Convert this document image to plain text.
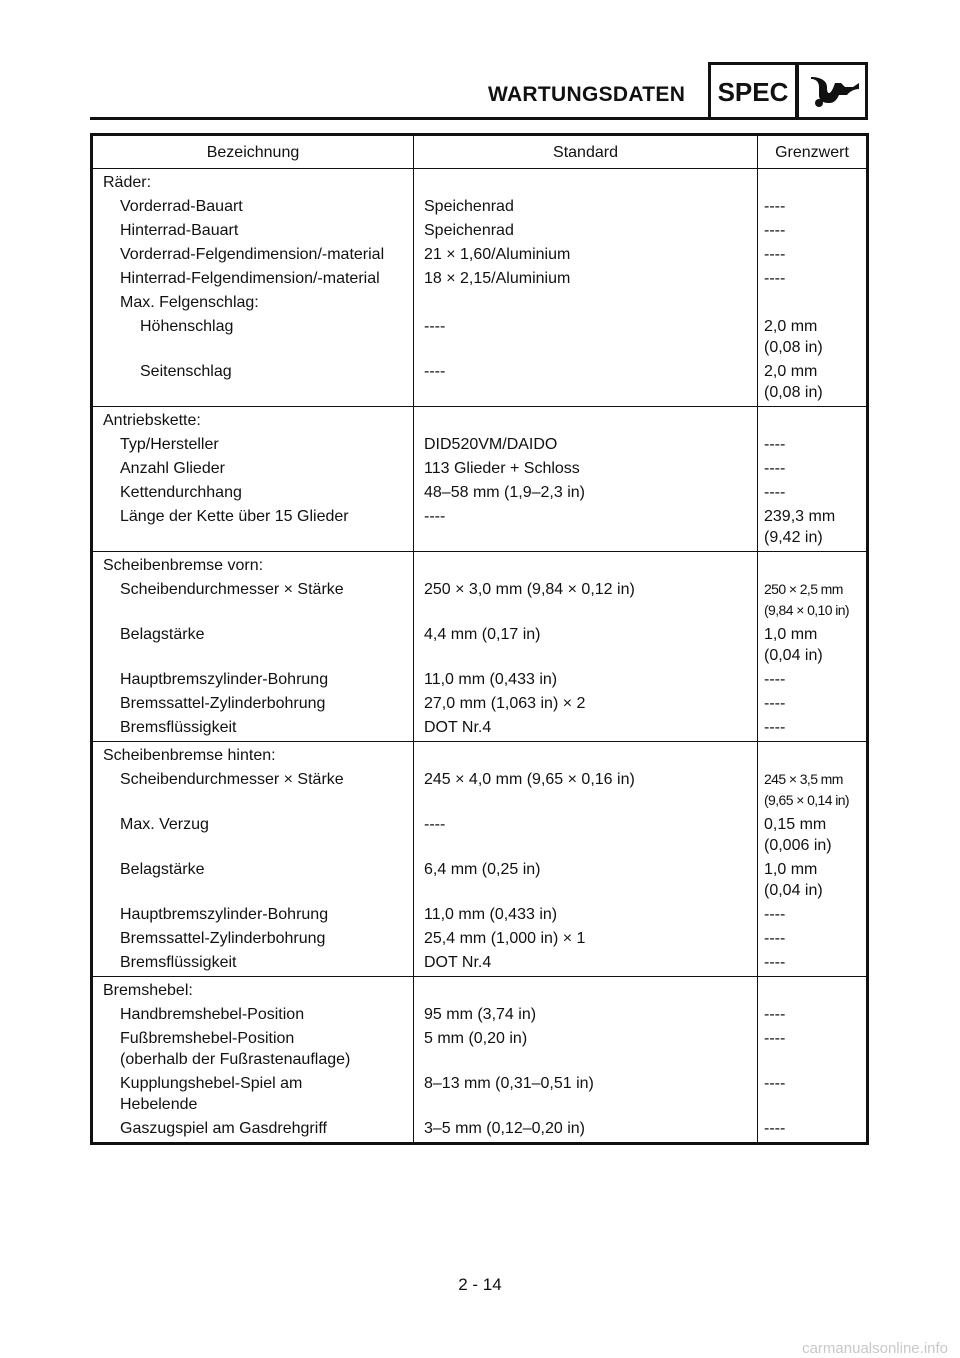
WARTUNGSDATEN	SPEC
Bezeichnung	Standard	Grenzwert
Räder:		

Vorderrad-Bauart	Speichenrad	----

Hinterrad-Bauart	Speichenrad	----

Vorderrad-Felgendimension/-material	21 × 1,60/Aluminium	----

Hinterrad-Felgendimension/-material	18 × 2,15/Aluminium	----

Max. Felgenschlag:		

Höhenschlag	----	2,0 mm
(0,08 in)

Seitenschlag	----	2,0 mm
(0,08 in)

Antriebskette:		

Typ/Hersteller	DID520VM/DAIDO	----

Anzahl Glieder	113 Glieder + Schloss	----

Kettendurchhang	48–58 mm (1,9–2,3 in)	----

Länge der Kette über 15 Glieder	----	239,3 mm
(9,42 in)

Scheibenbremse vorn:		

Scheibendurchmesser × Stärke	250 × 3,0 mm (9,84 × 0,12 in)	250 × 2,5 mm
(9,84 × 0,10 in)

Belagstärke	4,4 mm (0,17 in)	1,0 mm
(0,04 in)

Hauptbremszylinder-Bohrung	11,0 mm (0,433 in)	----

Bremssattel-Zylinderbohrung	27,0 mm (1,063 in) × 2	----

Bremsflüssigkeit	DOT Nr.4	----

Scheibenbremse hinten:		

Scheibendurchmesser × Stärke	245 × 4,0 mm (9,65 × 0,16 in)	245 × 3,5 mm
(9,65 × 0,14 in)

Max. Verzug	----	0,15 mm
(0,006 in)

Belagstärke	6,4 mm (0,25 in)	1,0 mm
(0,04 in)

Hauptbremszylinder-Bohrung	11,0 mm (0,433 in)	----

Bremssattel-Zylinderbohrung	25,4 mm (1,000 in) × 1	----

Bremsflüssigkeit	DOT Nr.4	----

Bremshebel:		

Handbremshebel-Position	95 mm (3,74 in)	----

Fußbremshebel-Position
(oberhalb der Fußrastenauflage)	5 mm (0,20 in)	----

Kupplungshebel-Spiel am
Hebelende	8–13 mm (0,31–0,51 in)	----

Gaszugspiel am Gasdrehgriff	3–5 mm (0,12–0,20 in)	----
2 - 14
carmanualsonline.info
